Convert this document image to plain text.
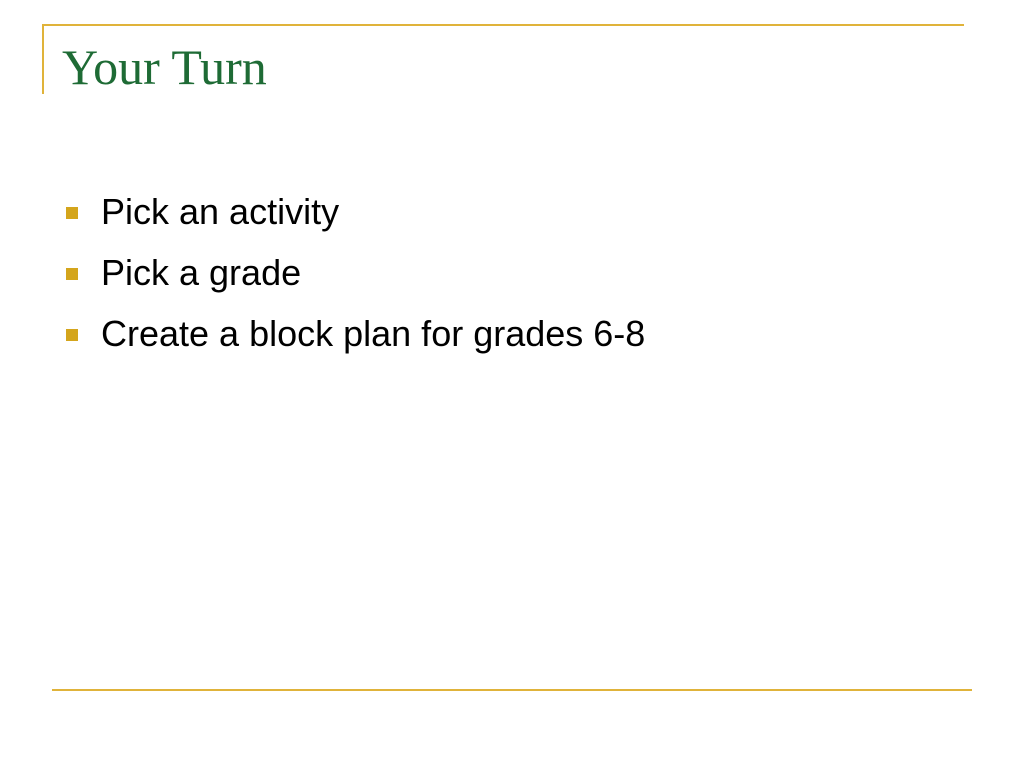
Your Turn
Pick an activity
Pick a grade
Create a block plan for grades 6-8
